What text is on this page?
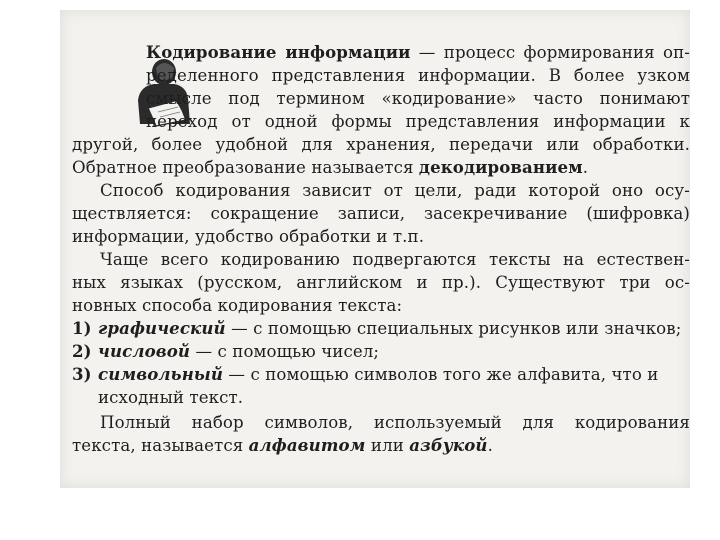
Кодирование информации — процесс формирования оп-
ределенного представления информации. В более узком
смысле под термином «кодирование» часто понимают
переход от одной формы представления информации к
другой, более удобной для хранения, передачи или обработки.
Обратное преобразование называется декодированием.
Способ кодирования зависит от цели, ради которой оно осу-
ществляется: сокращение записи, засекречивание (шифровка)
информации, удобство обработки и т.п.
Чаще всего кодированию подвергаются тексты на естествен-
ных языках (русском, английском и пр.). Существуют три ос-
новных способа кодирования текста:
1) графический — с помощью специальных рисунков или значков;
2) числовой — с помощью чисел;
3) символьный — с помощью символов того же алфавита, что и
исходный текст.
Полный набор символов, используемый для кодирования
текста, называется алфавитом или азбукой.
